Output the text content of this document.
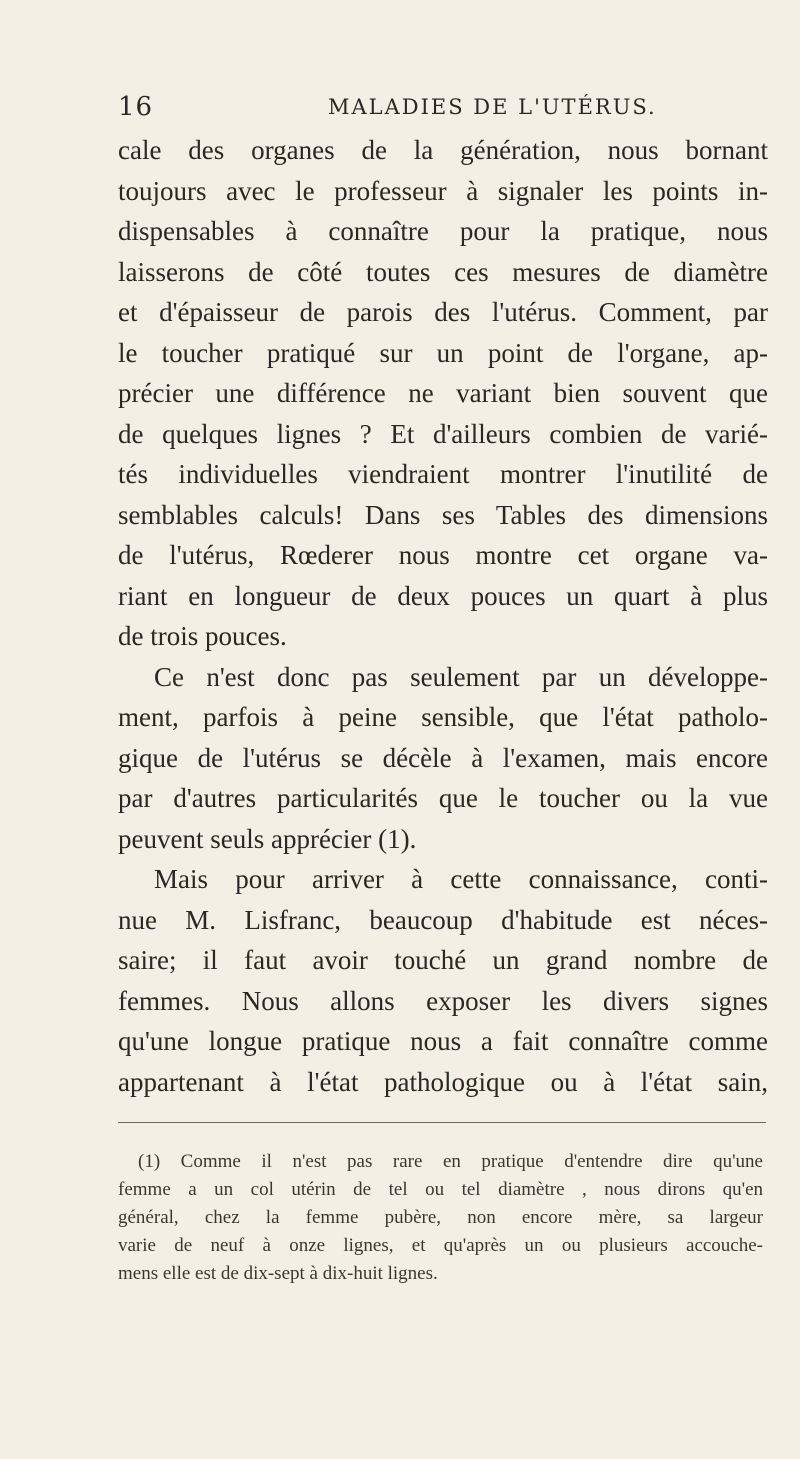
16	MALADIES DE L'UTÉRUS.
cale des organes de la génération, nous bornant
toujours avec le professeur à signaler les points in-
dispensables à connaître pour la pratique, nous
laisserons de côté toutes ces mesures de diamètre
et d'épaisseur de parois des l'utérus. Comment, par
le toucher pratiqué sur un point de l'organe, ap-
précier une différence ne variant bien souvent que
de quelques lignes ? Et d'ailleurs combien de varié-
tés individuelles viendraient montrer l'inutilité de
semblables calculs! Dans ses Tables des dimensions
de l'utérus, Rœderer nous montre cet organe va-
riant en longueur de deux pouces un quart à plus
de trois pouces.
Ce n'est donc pas seulement par un développe-
ment, parfois à peine sensible, que l'état patholo-
gique de l'utérus se décèle à l'examen, mais encore
par d'autres particularités que le toucher ou la vue
peuvent seuls apprécier (1).
Mais pour arriver à cette connaissance, conti-
nue M. Lisfranc, beaucoup d'habitude est néces-
saire; il faut avoir touché un grand nombre de
femmes. Nous allons exposer les divers signes
qu'une longue pratique nous a fait connaître comme
appartenant à l'état pathologique ou à l'état sain,
(1) Comme il n'est pas rare en pratique d'entendre dire qu'une
femme a un col utérin de tel ou tel diamètre , nous dirons qu'en
général, chez la femme pubère, non encore mère, sa largeur
varie de neuf à onze lignes, et qu'après un ou plusieurs accouche-
mens elle est de dix-sept à dix-huit lignes.
